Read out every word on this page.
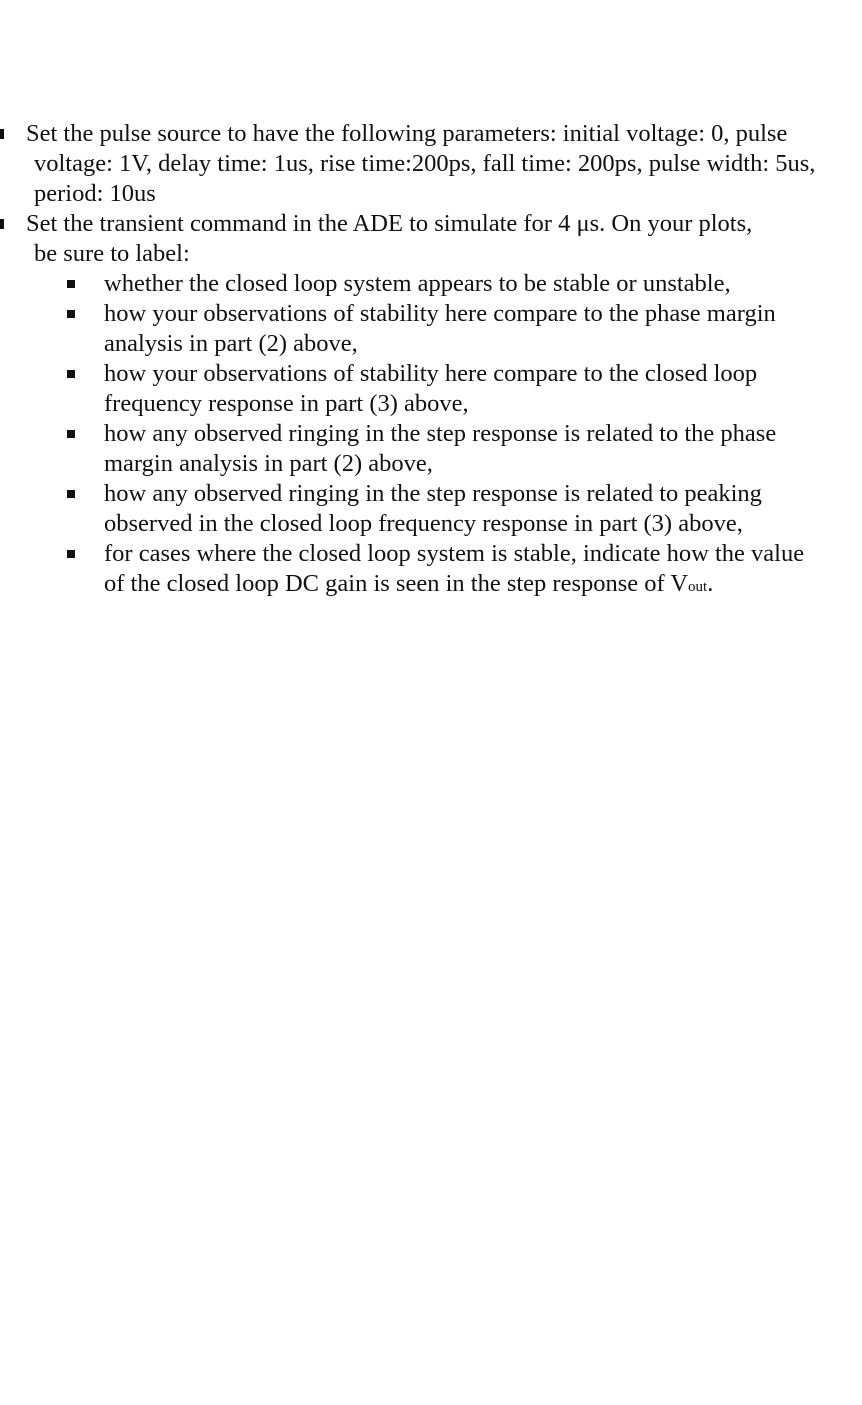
Set the pulse source to have the following parameters: initial voltage: 0, pulse
voltage: 1V, delay time: 1us, rise time:200ps, fall time: 200ps, pulse width: 5us, period: 10us
Set the transient command in the ADE to simulate for 4 μs. On your plots,
be sure to label:
whether the closed loop system appears to be stable or unstable,
how your observations of stability here compare to the phase margin analysis in part (2) above,
how your observations of stability here compare to the closed loop frequency response in part (3) above,
how any observed ringing in the step response is related to the phase margin analysis in part (2) above,
how any observed ringing in the step response is related to peaking observed in the closed loop frequency response in part (3) above,
for cases where the closed loop system is stable, indicate how the value of the closed loop DC gain is seen in the step response of Vout.
